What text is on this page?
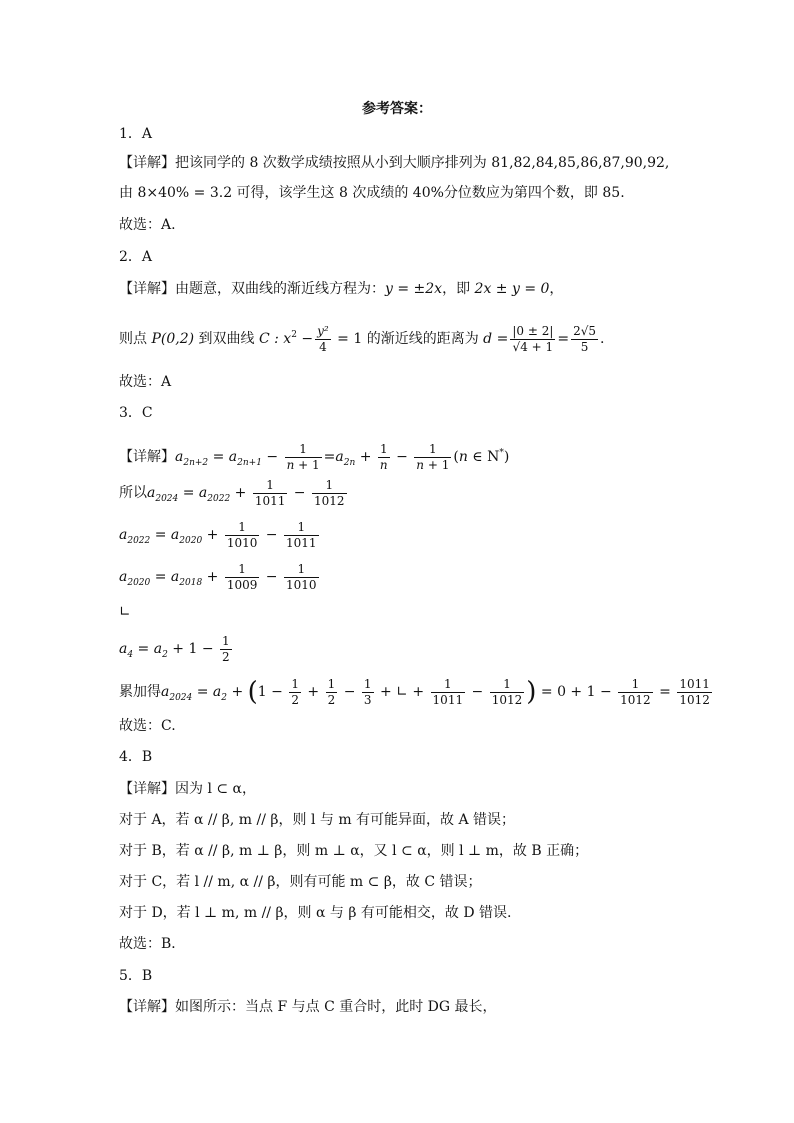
参考答案：
1．A
【详解】把该同学的 8 次数学成绩按照从小到大顺序排列为 81,82,84,85,86,87,90,92,
由 8×40% = 3.2 可得，该学生这 8 次成绩的 40%分位数应为第四个数，即 85.
故选：A.
2．A
【详解】由题意，双曲线的渐近线方程为：y = ±2x，即 2x ± y = 0，
则点 P(0,2) 到双曲线 C : $x^2 - \frac{\text{y²}}{4} = 1$ 的渐近线的距离为 $d = \frac{|0 \pm 2|}{√4 + 1} = \frac{2√5}{5}$ .
故选：A
3．C
【详解】$a_{2n+2} = a_{2n+1} - \frac{1}{n + 1} =a_{2n} + \frac{1}{n} - \frac{1}{n + 1} (n$ ∈ N*)
所以$a_{2024} = a_{2022} + \frac{1}{1011} - \frac{1}{1012}$
$a_{2022} = a_{2020} + \frac{1}{1010} - \frac{1}{1011}$
$a_{2020} = a_{2018} + \frac{1}{1009} - \frac{1}{1010}$
∟
$a_4 = a_2 + 1 - \frac{1}{2}$
累加得$a_{2024} = a_2 + (1 - \frac{1}{2} + \frac{1}{2} - \frac{1}{3}$ + ∟ + $\frac{1}{1011} - \frac{1}{1012}$ ) = $0 + 1 - \frac{1}{1012} = \frac{1011}{1012}$
故选：C.
4．B
【详解】因为 l ⊂ α，
对于 A，若 α // β, m // β，则 l 与 m 有可能异面，故 A 错误；
对于 B，若 α // β, m ⊥ β，则 m ⊥ α，又 l ⊂ α，则 l ⊥ m，故 B 正确；
对于 C，若 l // m, α // β，则有可能 m ⊂ β，故 C 错误；
对于 D，若 l ⊥ m, m // β，则 α 与 β 有可能相交，故 D 错误.
故选：B．
5．B
【详解】如图所示：当点 F 与点 C 重合时，此时 DG 最长，
